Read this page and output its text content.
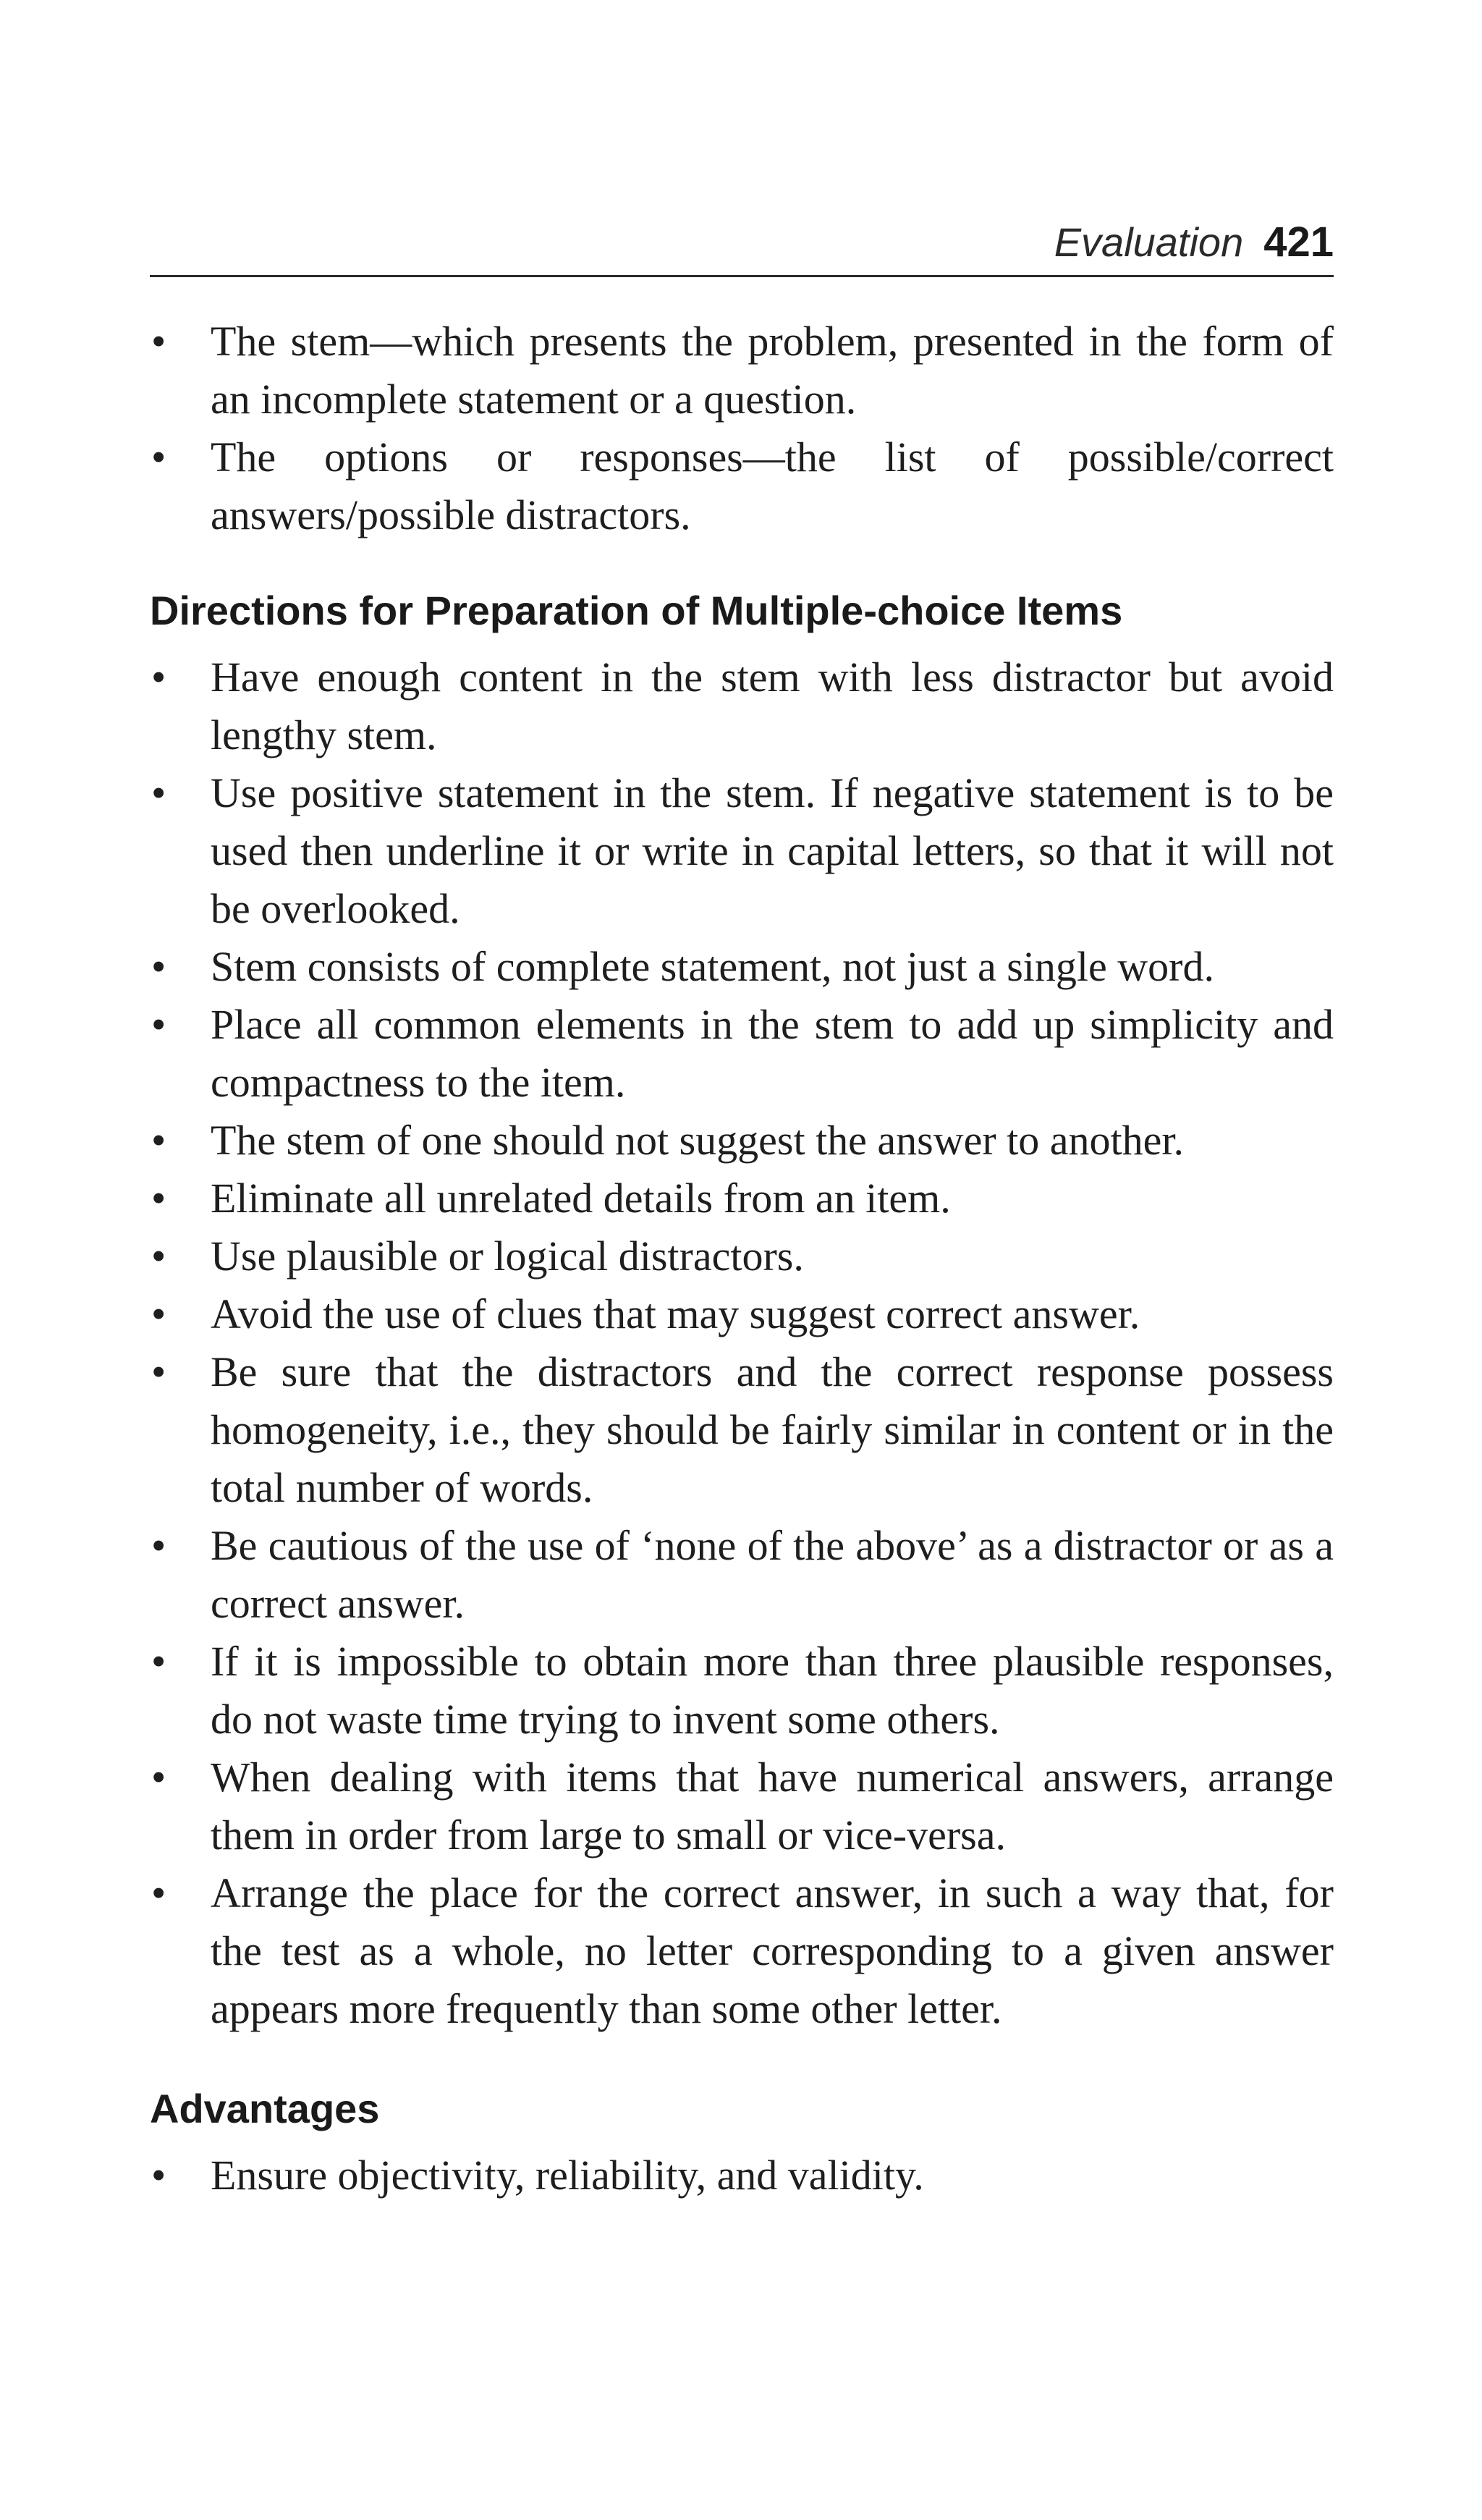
Evaluation 421
• The stem—which presents the problem, presented in the form of an incomplete statement or a question.
• The options or responses—the list of possible/correct answers/possible distractors.
Directions for Preparation of Multiple-choice Items
• Have enough content in the stem with less distractor but avoid lengthy stem.
• Use positive statement in the stem. If negative statement is to be used then underline it or write in capital letters, so that it will not be overlooked.
• Stem consists of complete statement, not just a single word.
• Place all common elements in the stem to add up simplicity and compactness to the item.
• The stem of one should not suggest the answer to another.
• Eliminate all unrelated details from an item.
• Use plausible or logical distractors.
• Avoid the use of clues that may suggest correct answer.
• Be sure that the distractors and the correct response possess homogeneity, i.e., they should be fairly similar in content or in the total number of words.
• Be cautious of the use of ‘none of the above’ as a distractor or as a correct answer.
• If it is impossible to obtain more than three plausible responses, do not waste time trying to invent some others.
• When dealing with items that have numerical answers, arrange them in order from large to small or vice-versa.
• Arrange the place for the correct answer, in such a way that, for the test as a whole, no letter corresponding to a given answer appears more frequently than some other letter.
Advantages
• Ensure objectivity, reliability, and validity.
